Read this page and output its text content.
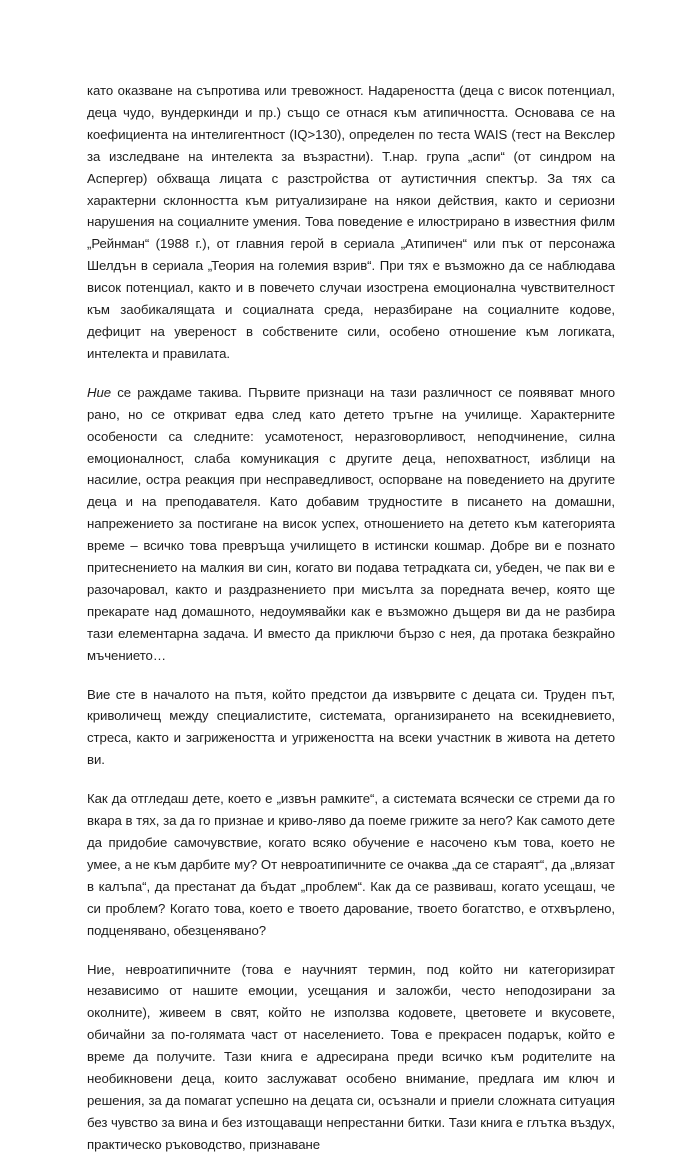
като оказване на съпротива или тревожност. Надареността (деца с висок потенциал, деца чудо, вундеркинди и пр.) също се отнася към атипичността. Основава се на коефициента на интелигентност (IQ>130), определен по теста WAIS (тест на Векслер за изследване на интелекта за възрастни). Т.нар. група „аспи“ (от синдром на Аспергер) обхваща лицата с разстройства от аутистичния спектър. За тях са характерни склонността към ритуализиране на някои действия, както и сериозни нарушения на социалните умения. Това поведение е илюстрирано в известния филм „Рейнман“ (1988 г.), от главния герой в сериала „Атипичен“ или пък от персонажа Шелдън в сериала „Теория на големия взрив“. При тях е възможно да се наблюдава висок потенциал, както и в повечето случаи изострена емоционална чувствителност към заобикалящата и социалната среда, неразбиране на социалните кодове, дефицит на увереност в собствените сили, особено отношение към логиката, интелекта и правилата.

Ние се раждаме такива. Първите признаци на тази различност се появяват много рано, но се откриват едва след като детето тръгне на училище. Характерните особености са следните: усамотеност, неразговорливост, неподчинение, силна емоционалност, слаба комуникация с другите деца, непохватност, изблици на насилие, остра реакция при несправедливост, оспорване на поведението на другите деца и на преподавателя. Като добавим трудностите в писането на домашни, напрежението за постигане на висок успех, отношението на детето към категорията време – всичко това превръща училището в истински кошмар. Добре ви е познато притеснението на малкия ви син, когато ви подава тетрадката си, убеден, че пак ви е разочаровал, както и раздразнението при мисълта за поредната вечер, която ще прекарате над домашното, недоумявайки как е възможно дъщеря ви да не разбира тази елементарна задача. И вместо да приключи бързо с нея, да протака безкрайно мъчението…

Вие сте в началото на пътя, който предстои да извървите с децата си. Труден път, криволичещ между специалистите, системата, организирането на всекидневието, стреса, както и загрижеността и угрижеността на всеки участник в живота на детето ви.

Как да отгледаш дете, което е „извън рамките“, а системата всячески се стреми да го вкара в тях, за да го признае и криво-ляво да поеме грижите за него? Как самото дете да придобие самочувствие, когато всяко обучение е насочено към това, което не умее, а не към дарбите му? От невроатипичните се очаква „да се стараят“, да „влязат в калъпа“, да престанат да бъдат „проблем“. Как да се развиваш, когато усещаш, че си проблем? Когато това, което е твоето дарование, твоето богатство, е отхвърлено, подценявано, обезценявано?

Ние, невроатипичните (това е научният термин, под който ни категоризират независимо от нашите емоции, усещания и заложби, често неподозирани за околните), живеем в свят, който не използва кодовете, цветовете и вкусовете, обичайни за по-голямата част от населението. Това е прекрасен подарък, който е време да получите. Тази книга е адресирана преди всичко към родителите на необикновени деца, които заслужават особено внимание, предлага им ключ и решения, за да помагат успешно на децата си, осъзнали и приели сложната ситуация без чувство за вина и без изтощаващи непрестанни битки. Тази книга е глътка въздух, практическо ръководство, признаване
